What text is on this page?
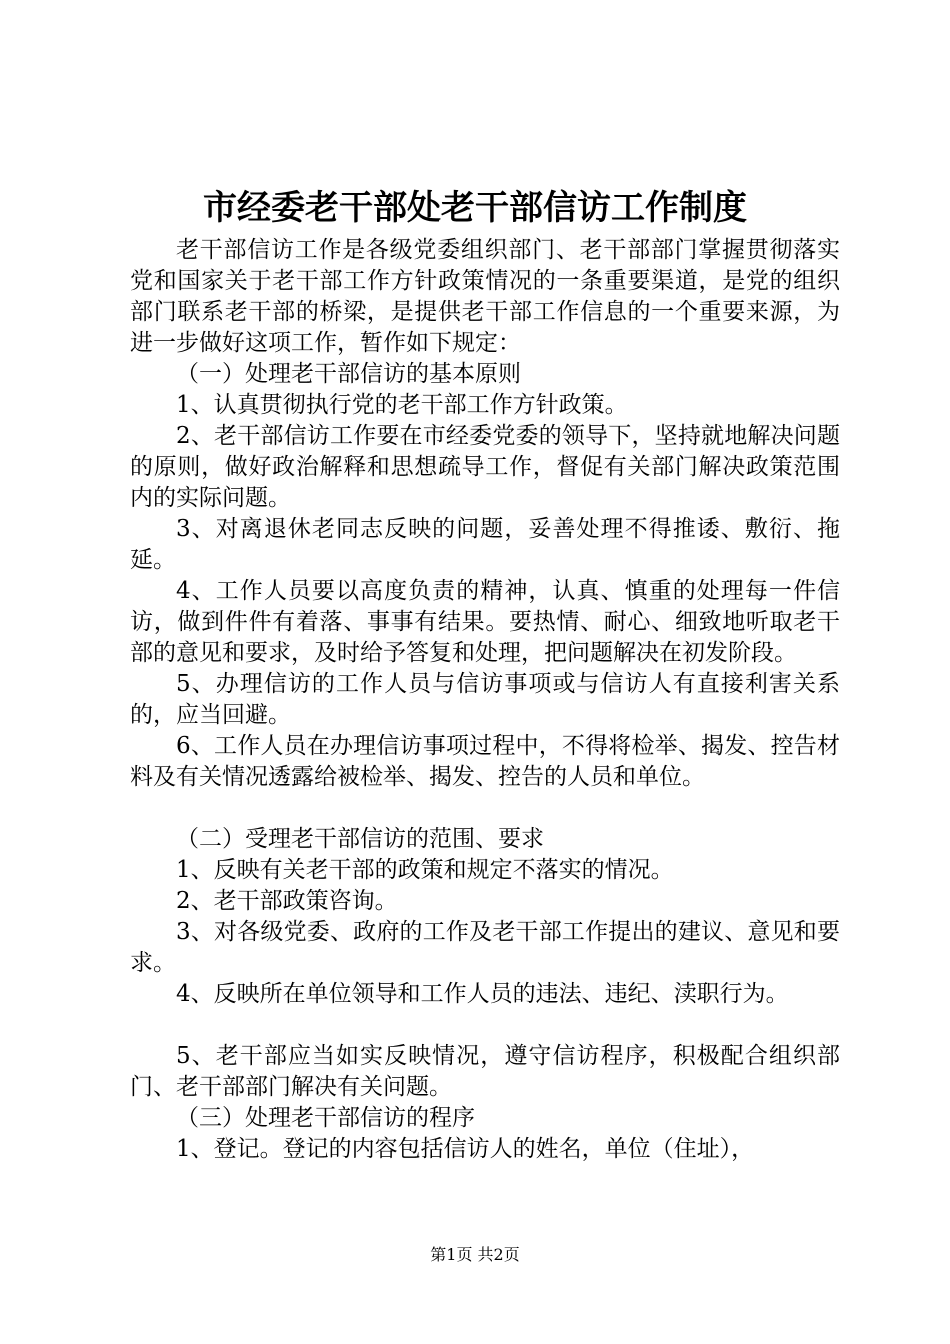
市经委老干部处老干部信访工作制度

老干部信访工作是各级党委组织部门、老干部部门掌握贯彻落实党和国家关于老干部工作方针政策情况的一条重要渠道，是党的组织部门联系老干部的桥梁，是提供老干部工作信息的一个重要来源，为进一步做好这项工作，暂作如下规定：

（一）处理老干部信访的基本原则

1、认真贯彻执行党的老干部工作方针政策。

2、老干部信访工作要在市经委党委的领导下，坚持就地解决问题的原则，做好政治解释和思想疏导工作，督促有关部门解决政策范围内的实际问题。

3、对离退休老同志反映的问题，妥善处理不得推诿、敷衍、拖延。

4、工作人员要以高度负责的精神，认真、慎重的处理每一件信访，做到件件有着落、事事有结果。要热情、耐心、细致地听取老干部的意见和要求，及时给予答复和处理，把问题解决在初发阶段。

5、办理信访的工作人员与信访事项或与信访人有直接利害关系的，应当回避。

6、工作人员在办理信访事项过程中，不得将检举、揭发、控告材料及有关情况透露给被检举、揭发、控告的人员和单位。

（二）受理老干部信访的范围、要求

1、反映有关老干部的政策和规定不落实的情况。

2、老干部政策咨询。

3、对各级党委、政府的工作及老干部工作提出的建议、意见和要求。

4、反映所在单位领导和工作人员的违法、违纪、渎职行为。

5、老干部应当如实反映情况，遵守信访程序，积极配合组织部门、老干部部门解决有关问题。

（三）处理老干部信访的程序

1、登记。登记的内容包括信访人的姓名，单位（住址），

第1页 共2页
